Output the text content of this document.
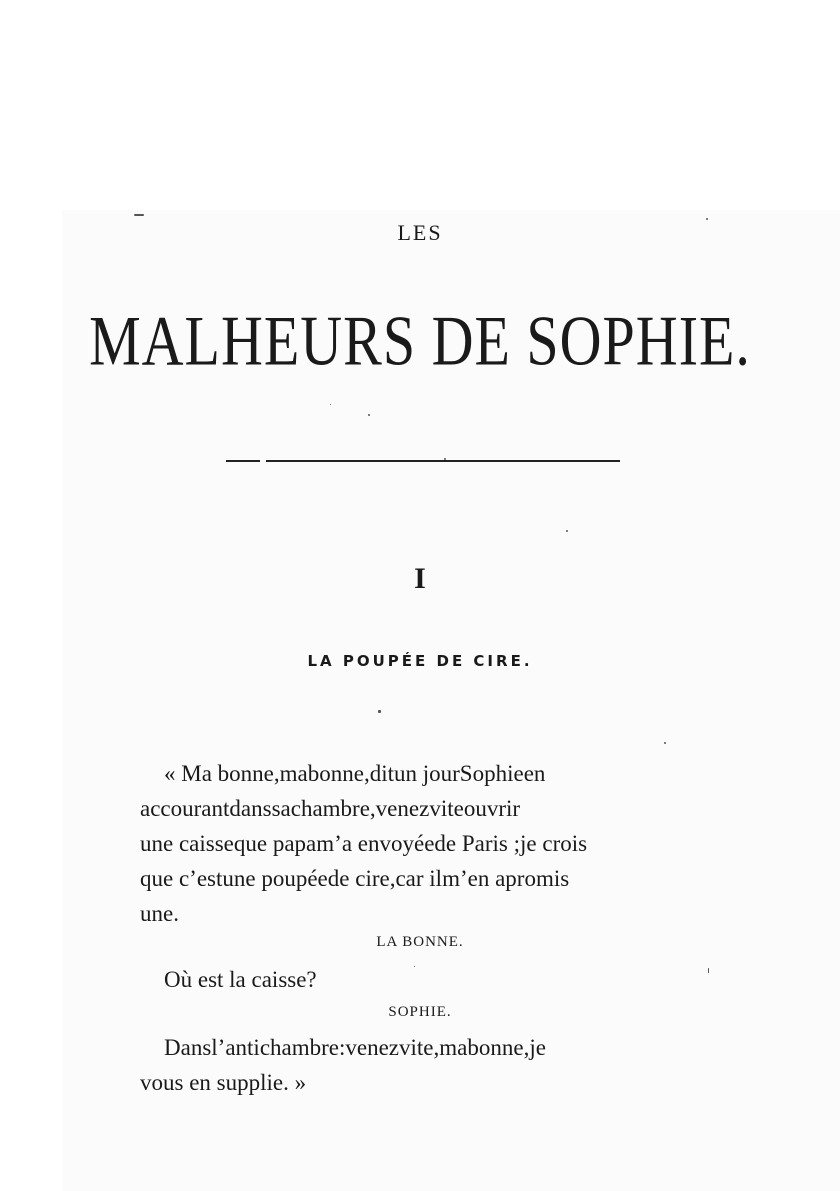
LES
MALHEURS DE SOPHIE.
I
LA POUPÉE DE CIRE.
« Ma bonne,mabonne,ditun jourSophieen
accourantdanssachambre,venezviteouvrir
une caisseque papam’a envoyéede Paris ;je crois
que c’estune poupéede cire,car ilm’en apromis
une.
LA BONNE.
Où est la caisse?
SOPHIE.
Dansl’antichambre:venezvite,mabonne,je
vous en supplie. »
